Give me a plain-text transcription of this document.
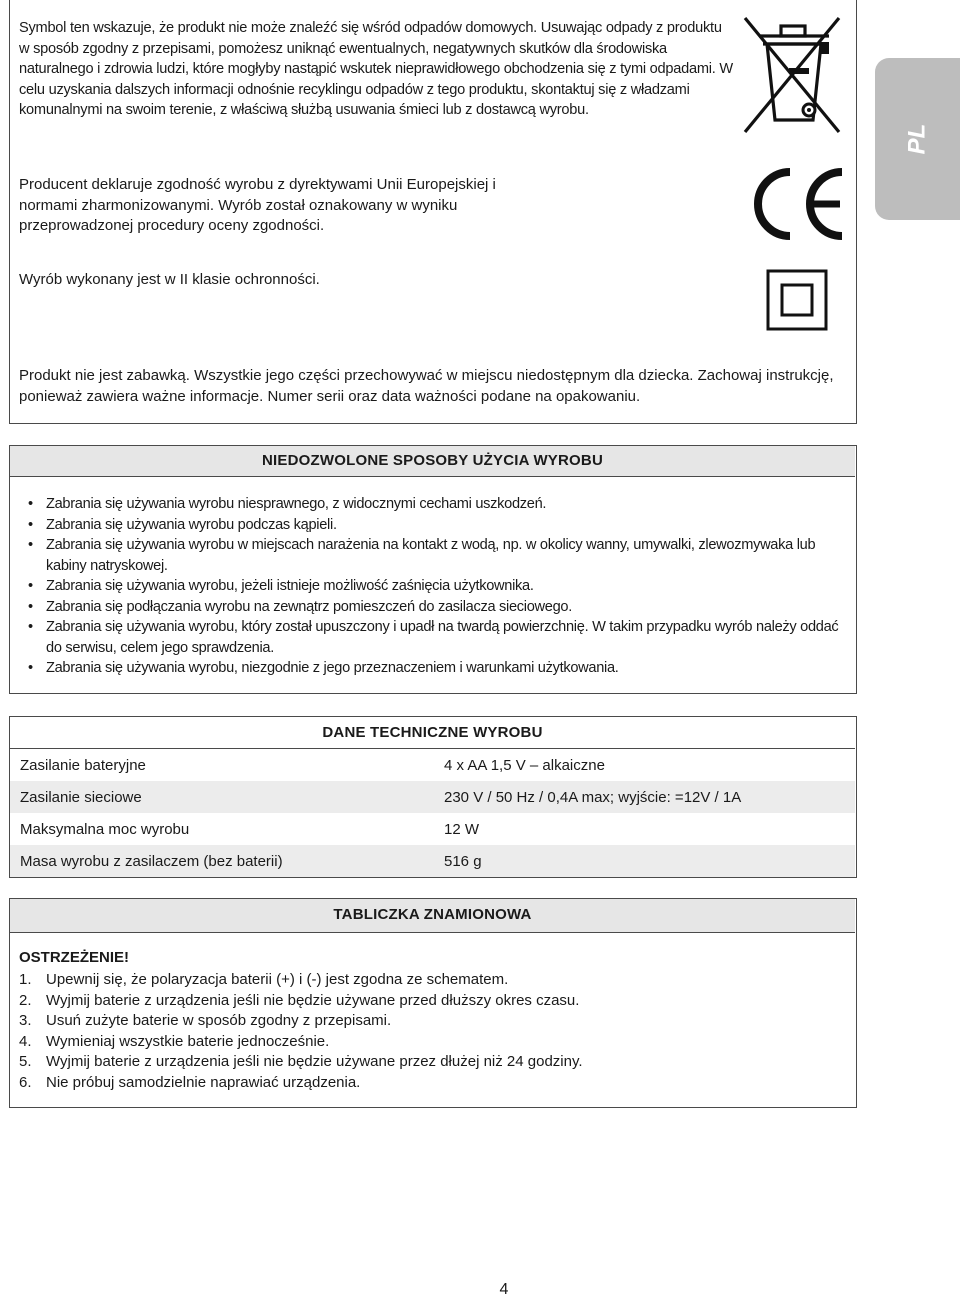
Symbol ten wskazuje, że produkt nie może znaleźć się wśród odpadów domowych. Usuwając odpady z produktu w sposób zgodny z przepisami, pomożesz uniknąć ewentualnych, negatywnych skutków dla środowiska naturalnego i zdrowia ludzi, które mogłyby nastąpić wskutek nieprawidłowego obchodzenia się z tymi odpadami. W celu uzyskania dalszych informacji odnośnie recyklingu odpadów z tego produktu, skontaktuj się z władzami komunalnymi na swoim terenie, z właściwą służbą usuwania śmieci lub z dostawcą wyrobu.
Producent deklaruje zgodność wyrobu z dyrektywami Unii Europejskiej i normami zharmonizowanymi. Wyrób został oznakowany w wyniku przeprowadzonej procedury oceny zgodności.
Wyrób wykonany jest w II klasie ochronności.
Produkt nie jest zabawką. Wszystkie jego części przechowywać w miejscu niedostępnym dla dziecka. Zachowaj instrukcję, ponieważ zawiera ważne informacje. Numer serii oraz data ważności podane na opakowaniu.
PL
NIEDOZWOLONE SPOSOBY UŻYCIA WYROBU
• Zabrania się używania wyrobu niesprawnego, z widocznymi cechami uszkodzeń.
• Zabrania się używania wyrobu podczas kąpieli.
• Zabrania się używania wyrobu w miejscach narażenia na kontakt z wodą, np. w okolicy wanny, umywalki, zlewozmywaka lub kabiny natryskowej.
• Zabrania się używania wyrobu, jeżeli istnieje możliwość zaśnięcia użytkownika.
• Zabrania się podłączania wyrobu na zewnątrz pomieszczeń do zasilacza sieciowego.
• Zabrania się używania wyrobu, który został upuszczony i upadł na twardą powierzchnię. W takim przypadku wyrób należy oddać do serwisu, celem jego sprawdzenia.
• Zabrania się używania wyrobu, niezgodnie z jego przeznaczeniem i warunkami użytkowania.
DANE TECHNICZNE WYROBU
Zasilanie bateryjne	4 x AA 1,5 V – alkaiczne
Zasilanie sieciowe	230 V / 50 Hz / 0,4A max; wyjście: =12V / 1A
Maksymalna moc wyrobu	12 W
Masa wyrobu z zasilaczem (bez baterii)	516 g
TABLICZKA ZNAMIONOWA
OSTRZEŻENIE!
1. Upewnij się, że polaryzacja baterii (+) i (-) jest zgodna ze schematem.
2. Wyjmij baterie z urządzenia jeśli nie będzie używane przed dłuższy okres czasu.
3. Usuń zużyte baterie w sposób zgodny z przepisami.
4. Wymieniaj wszystkie baterie jednocześnie.
5. Wyjmij baterie z urządzenia jeśli nie będzie używane przez dłużej niż 24 godziny.
6. Nie próbuj samodzielnie naprawiać urządzenia.
4
